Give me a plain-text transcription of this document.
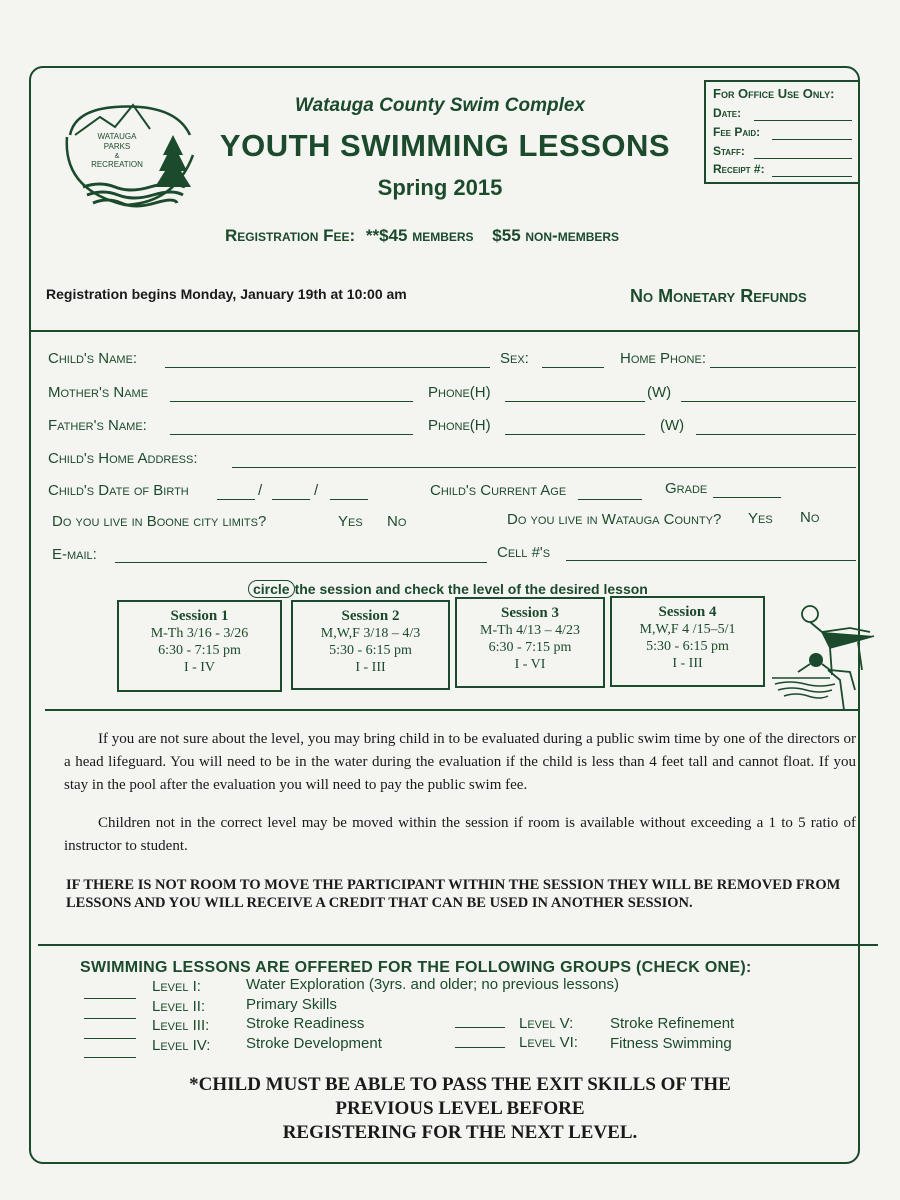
WATAUGA
PARKS
&
RECREATION
Watauga County Swim Complex
YOUTH SWIMMING LESSONS
Spring 2015
Registration Fee: **$45 members $55 non-members
For Office Use Only:
Date:
Fee Paid:
Staff:
Receipt #:
Registration begins Monday, January 19th at 10:00 am	No Monetary Refunds
Child's Name:	Sex:	Home Phone:
Mother's Name	Phone(H)	(W)
Father's Name:	Phone(H)	(W)
Child's Home Address:
Child's Date of Birth	/	/	Child's Current Age	Grade
Do you live in Boone city limits?	Yes No	Do you live in Watauga County? Yes No
E-mail:	Cell #'s
circle the session and check the level of the desired lesson
Session 1
M-Th 3/16 - 3/26
6:30 - 7:15 pm
I - IV
Session 2
M,W,F 3/18 – 4/3
5:30 - 6:15 pm
I - III
Session 3
M-Th 4/13 – 4/23
6:30 - 7:15 pm
I - VI
Session 4
M,W,F 4 /15–5/1
5:30 - 6:15 pm
I - III
If you are not sure about the level, you may bring child in to be evaluated during a public swim time by one of the directors or a head lifeguard. You will need to be in the water during the evaluation if the child is less than 4 feet tall and cannot float. If you stay in the pool after the evaluation you will need to pay the public swim fee.
Children not in the correct level may be moved within the session if room is available without exceeding a 1 to 5 ratio of instructor to student.
IF THERE IS NOT ROOM TO MOVE THE PARTICIPANT WITHIN THE SESSION THEY WILL BE REMOVED FROM LESSONS AND YOU WILL RECEIVE A CREDIT THAT CAN BE USED IN ANOTHER SESSION.
SWIMMING LESSONS ARE OFFERED FOR THE FOLLOWING GROUPS (CHECK ONE):
Level I:	Water Exploration (3yrs. and older; no previous lessons)
Level II:	Primary Skills
Level III: Stroke Readiness
Level IV: Stroke Development
Level V: Stroke Refinement
Level VI: Fitness Swimming
*CHILD MUST BE ABLE TO PASS THE EXIT SKILLS OF THE
PREVIOUS LEVEL BEFORE
REGISTERING FOR THE NEXT LEVEL.
